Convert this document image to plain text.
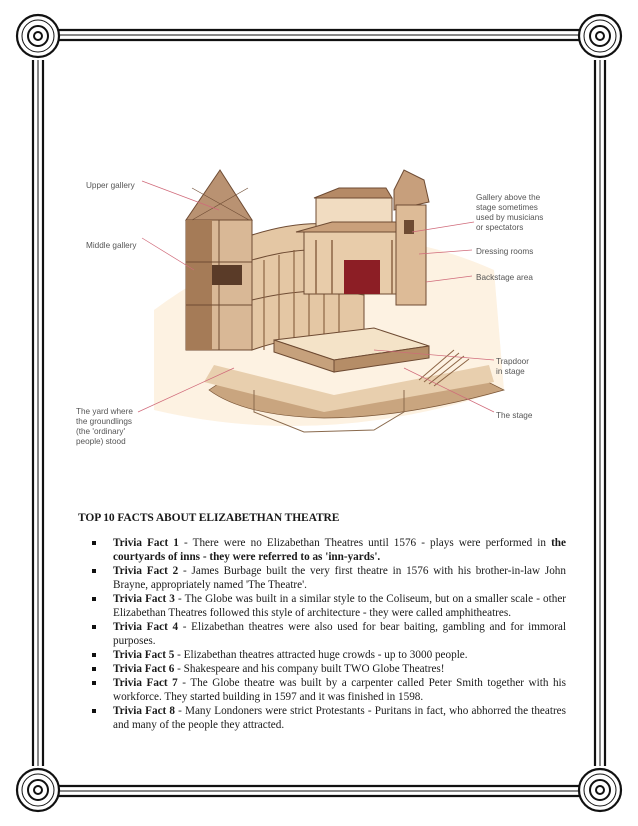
Upper gallery
Middle gallery
The yard where
the groundlings
(the 'ordinary'
people) stood
Gallery above the
stage sometimes
used by musicians
or spectators
Dressing rooms
Backstage area
Trapdoor
in stage
The stage
TOP 10 FACTS ABOUT ELIZABETHAN THEATRE
Trivia Fact 1 - There were no Elizabethan Theatres until 1576 - plays were performed in the courtyards of inns - they were referred to as 'inn-yards'.
Trivia Fact 2 - James Burbage built the very first theatre in 1576 with his brother-in-law John Brayne, appropriately named 'The Theatre'.
Trivia Fact 3 - The Globe was built in a similar style to the Coliseum, but on a smaller scale - other Elizabethan Theatres followed this style of architecture - they were called amphitheatres.
Trivia Fact 4 - Elizabethan theatres were also used for bear baiting, gambling and for immoral purposes.
Trivia Fact 5 - Elizabethan theatres attracted huge crowds - up to 3000 people.
Trivia Fact 6 - Shakespeare and his company built TWO Globe Theatres!
Trivia Fact 7 - The Globe theatre was built by a carpenter called Peter Smith together with his workforce. They started building in 1597 and it was finished in 1598.
Trivia Fact 8 - Many Londoners were strict Protestants - Puritans in fact, who abhorred the theatres and many of the people they attracted.
